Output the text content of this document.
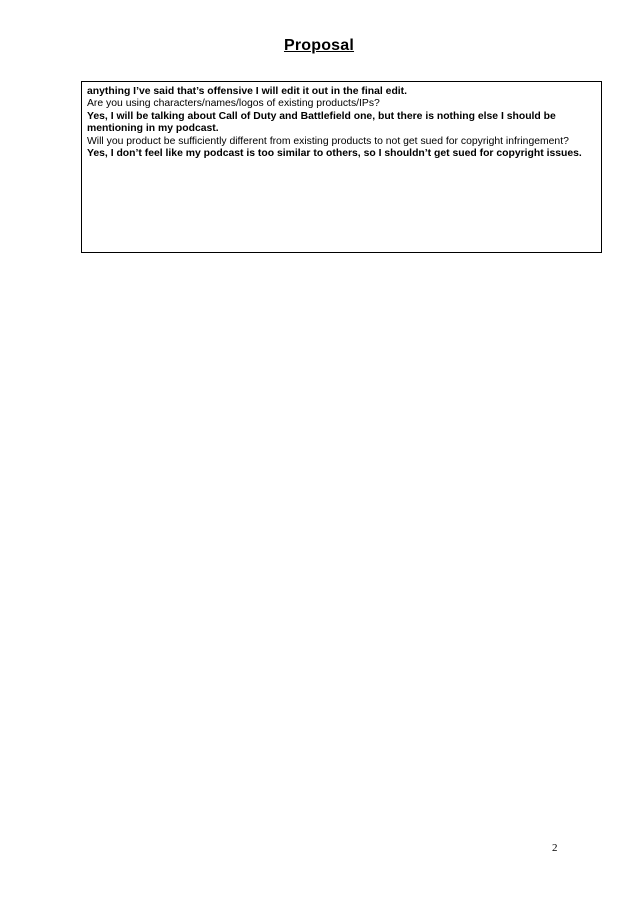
Proposal

anything I’ve said that’s offensive I will edit it out in the final edit.

Are you using characters/names/logos of existing products/IPs?

Yes, I will be talking about Call of Duty and Battlefield one, but there is nothing else I should be mentioning in my podcast.

Will you product be sufficiently different from existing products to not get sued for copyright infringement?

Yes, I don’t feel like my podcast is too similar to others, so I shouldn’t get sued for copyright issues.

2
